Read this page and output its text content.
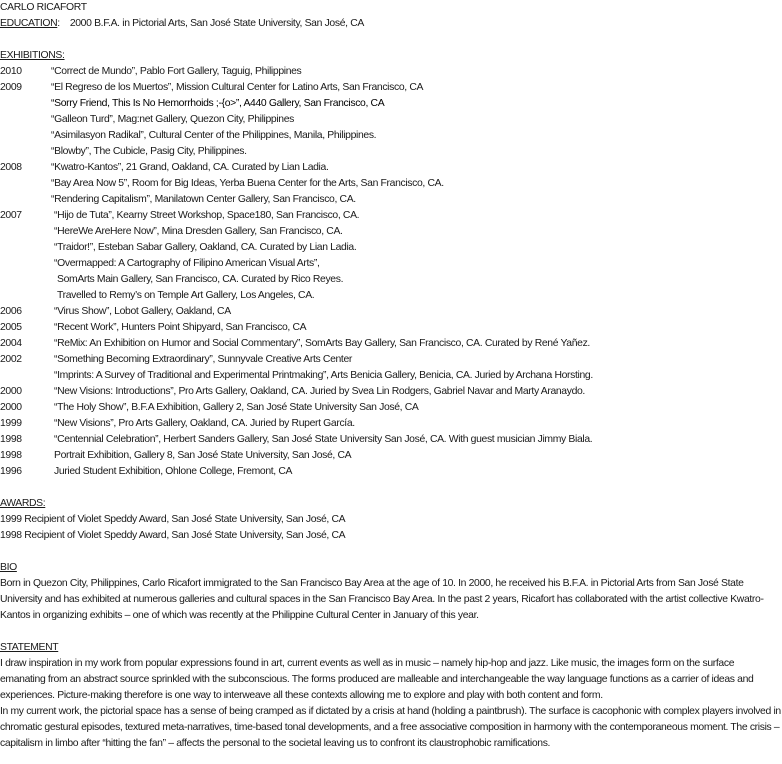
CARLO RICAFORT
EDUCATION: 2000 B.F.A. in Pictorial Arts, San José State University, San José, CA
EXHIBITIONS:
2010	“Correct de Mundo”, Pablo Fort Gallery, Taguig, Philippines
2009	“El Regreso de los Muertos”, Mission Cultural Center for Latino Arts, San Francisco, CA
“Sorry Friend, This Is No Hemorrhoids ;-{o>”, A440 Gallery, San Francisco, CA
“Galleon Turd”, Mag:net Gallery, Quezon City, Philippines
“Asimilasyon Radikal”, Cultural Center of the Philippines, Manila, Philippines.
“Blowby”, The Cubicle, Pasig City, Philippines.
2008	“Kwatro-Kantos”, 21 Grand, Oakland, CA. Curated by Lian Ladia.
“Bay Area Now 5”, Room for Big Ideas, Yerba Buena Center for the Arts, San Francisco, CA.
“Rendering Capitalism”, Manilatown Center Gallery, San Francisco, CA.
2007	“Hijo de Tuta”, Kearny Street Workshop, Space180, San Francisco, CA.
“HereWe AreHere Now”, Mina Dresden Gallery, San Francisco, CA.
“Traidor!”, Esteban Sabar Gallery, Oakland, CA. Curated by Lian Ladia.
“Overmapped: A Cartography of Filipino American Visual Arts”,
SomArts Main Gallery, San Francisco, CA. Curated by Rico Reyes.
Travelled to Remy’s on Temple Art Gallery, Los Angeles, CA.
2006	“Virus Show”, Lobot Gallery, Oakland, CA
2005	“Recent Work”, Hunters Point Shipyard, San Francisco, CA
2004	“ReMix: An Exhibition on Humor and Social Commentary”, SomArts Bay Gallery, San Francisco, CA. Curated by René Yañez.
2002	“Something Becoming Extraordinary”, Sunnyvale Creative Arts Center
“Imprints: A Survey of Traditional and Experimental Printmaking”, Arts Benicia Gallery, Benicia, CA. Juried by Archana Horsting.
2000	“New Visions: Introductions”, Pro Arts Gallery, Oakland, CA. Juried by Svea Lin Rodgers, Gabriel Navar and Marty Aranaydo.
2000	“The Holy Show”, B.F.A Exhibition, Gallery 2, San José State University San José, CA
1999	“New Visions”, Pro Arts Gallery, Oakland, CA. Juried by Rupert García.
1998	“Centennial Celebration”, Herbert Sanders Gallery, San José State University San José, CA. With guest musician Jimmy Biala.
1998	Portrait Exhibition, Gallery 8, San José State University, San José, CA
1996	Juried Student Exhibition, Ohlone College, Fremont, CA
AWARDS:
1999 Recipient of Violet Speddy Award, San José State University, San José, CA
1998 Recipient of Violet Speddy Award, San José State University, San José, CA
BIO
Born in Quezon City, Philippines, Carlo Ricafort immigrated to the San Francisco Bay Area at the age of 10. In 2000, he received his B.F.A. in Pictorial Arts from San José State University and has exhibited at numerous galleries and cultural spaces in the San Francisco Bay Area. In the past 2 years, Ricafort has collaborated with the artist collective Kwatro-Kantos in organizing exhibits – one of which was recently at the Philippine Cultural Center in January of this year.
STATEMENT
I draw inspiration in my work from popular expressions found in art, current events as well as in music – namely hip-hop and jazz. Like music, the images form on the surface emanating from an abstract source sprinkled with the subconscious. The forms produced are malleable and interchangeable the way language functions as a carrier of ideas and experiences. Picture-making therefore is one way to interweave all these contexts allowing me to explore and play with both content and form.
In my current work, the pictorial space has a sense of being cramped as if dictated by a crisis at hand (holding a paintbrush). The surface is cacophonic with complex players involved in chromatic gestural episodes, textured meta-narratives, time-based tonal developments, and a free associative composition in harmony with the contemporaneous moment. The crisis – capitalism in limbo after “hitting the fan” – affects the personal to the societal leaving us to confront its claustrophobic ramifications.
